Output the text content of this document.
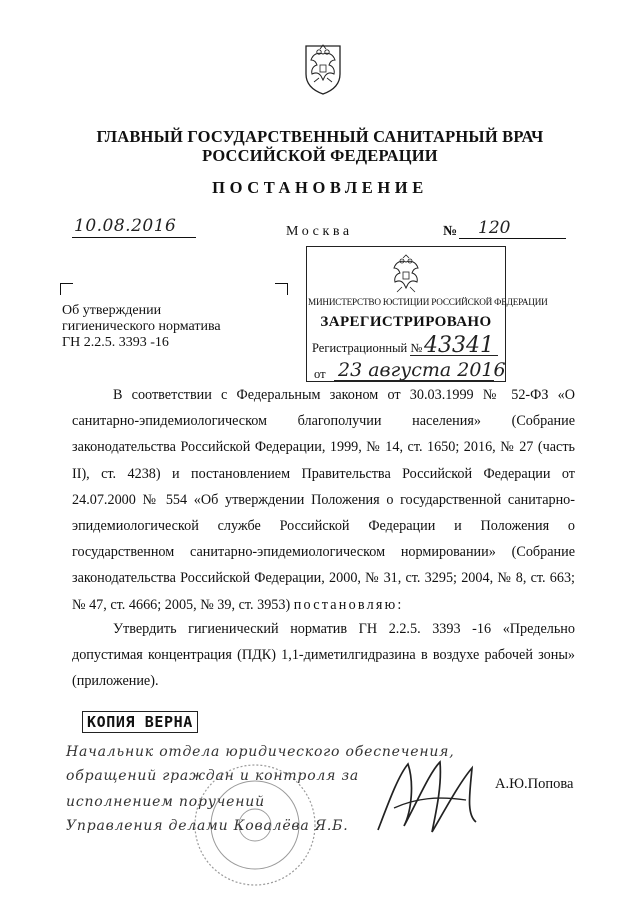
ГЛАВНЫЙ ГОСУДАРСТВЕННЫЙ САНИТАРНЫЙ ВРАЧ
РОССИЙСКОЙ ФЕДЕРАЦИИ
ПОСТАНОВЛЕНИЕ
10.08.2016	Москва	№ 120
Об утверждении
гигиенического норматива
ГН 2.2.5. 3393 -16
МИНИСТЕРСТВО ЮСТИЦИИ РОССИЙСКОЙ ФЕДЕРАЦИИ
ЗАРЕГИСТРИРОВАНО
Регистрационный № 43341
от 23 августа 2016
В соответствии с Федеральным законом от 30.03.1999 № 52-ФЗ «О санитарно-эпидемиологическом благополучии населения» (Собрание законодательства Российской Федерации, 1999, № 14, ст. 1650; 2016, № 27 (часть II), ст. 4238) и постановлением Правительства Российской Федерации от 24.07.2000 № 554 «Об утверждении Положения о государственной санитарно-эпидемиологической службе Российской Федерации и Положения о государственном санитарно-эпидемиологическом нормировании» (Собрание законодательства Российской Федерации, 2000, № 31, ст. 3295; 2004, № 8, ст. 663; № 47, ст. 4666; 2005, № 39, ст. 3953) постановляю:
Утвердить гигиенический норматив ГН 2.2.5. 3393 -16 «Предельно допустимая концентрация (ПДК) 1,1-диметилгидразина в воздухе рабочей зоны» (приложение).
КОПИЯ ВЕРНА
Начальник отдела юридического обеспечения,
обращений граждан и контроля за
исполнением поручений
Управления делами Ковалёва Я.Б.
А.Ю.Попова
